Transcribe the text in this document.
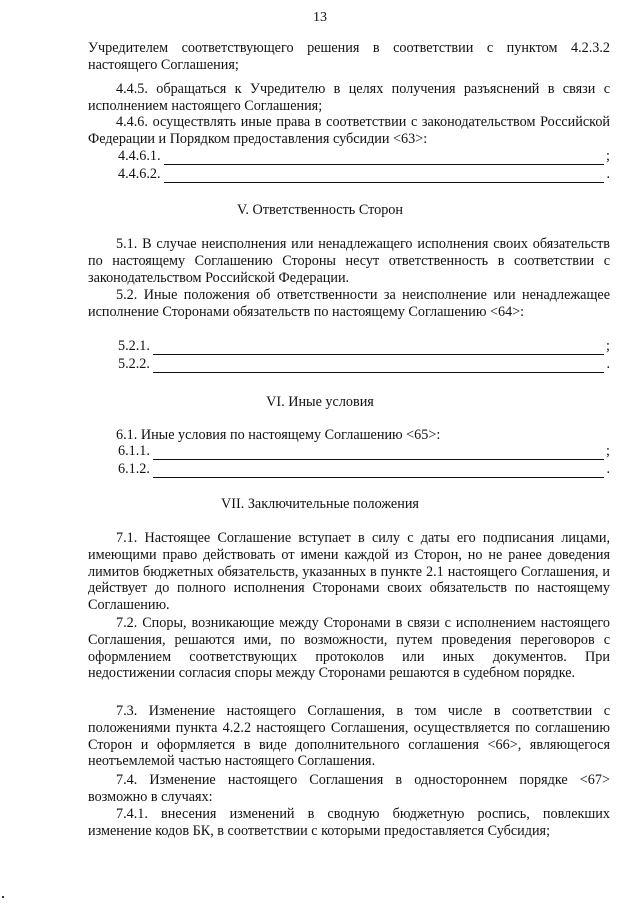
13
Учредителем соответствующего решения в соответствии с пунктом 4.2.3.2 настоящего Соглашения;
4.4.5. обращаться к Учредителю в целях получения разъяснений в связи с исполнением настоящего Соглашения;
4.4.6. осуществлять иные права в соответствии с законодательством Российской Федерации и Порядком предоставления субсидии <63>:
4.4.6.1.	;
4.4.6.2.	.
V. Ответственность Сторон
5.1. В случае неисполнения или ненадлежащего исполнения своих обязательств по настоящему Соглашению Стороны несут ответственность в соответствии с законодательством Российской Федерации.
5.2. Иные положения об ответственности за неисполнение или ненадлежащее исполнение Сторонами обязательств по настоящему Соглашению <64>:
5.2.1.	;
5.2.2.	.
VI. Иные условия
6.1. Иные условия по настоящему Соглашению <65>:
6.1.1.	;
6.1.2.	.
VII. Заключительные положения
7.1. Настоящее Соглашение вступает в силу с даты его подписания лицами, имеющими право действовать от имени каждой из Сторон, но не ранее доведения лимитов бюджетных обязательств, указанных в пункте 2.1 настоящего Соглашения, и действует до полного исполнения Сторонами своих обязательств по настоящему Соглашению.
7.2. Споры, возникающие между Сторонами в связи с исполнением настоящего Соглашения, решаются ими, по возможности, путем проведения переговоров с оформлением соответствующих протоколов или иных документов. При недостижении согласия споры между Сторонами решаются в судебном порядке.
7.3. Изменение настоящего Соглашения, в том числе в соответствии с положениями пункта 4.2.2 настоящего Соглашения, осуществляется по соглашению Сторон и оформляется в виде дополнительного соглашения <66>, являющегося неотъемлемой частью настоящего Соглашения.
7.4. Изменение настоящего Соглашения в одностороннем порядке <67> возможно в случаях:
7.4.1. внесения изменений в сводную бюджетную роспись, повлекших изменение кодов БК, в соответствии с которыми предоставляется Субсидия;
